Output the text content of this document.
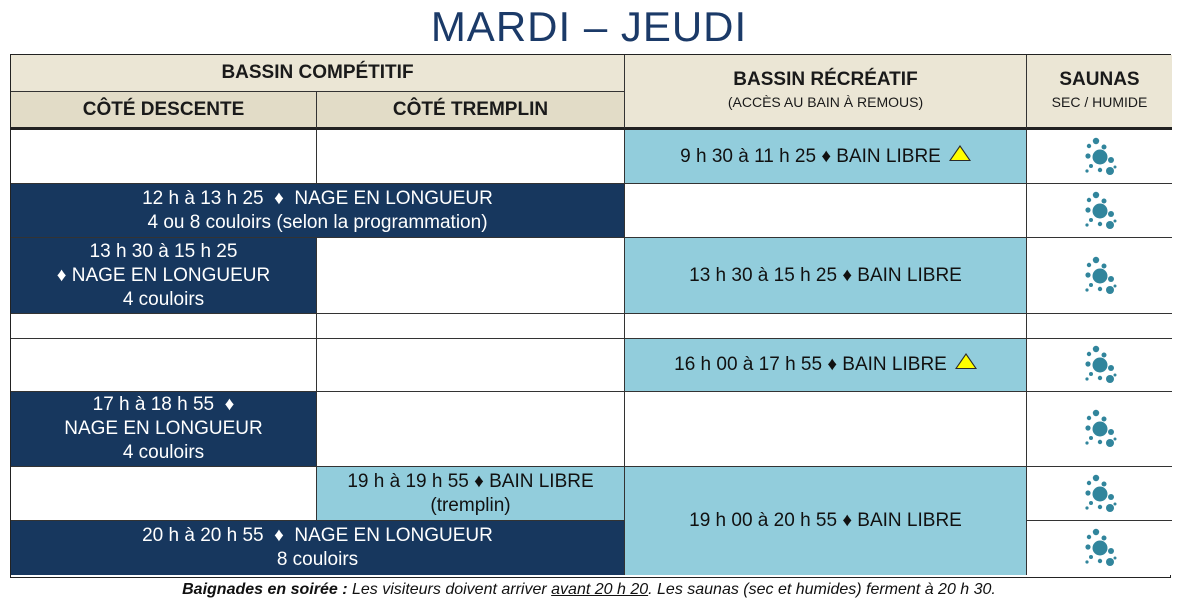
MARDI – JEUDI
BASSIN COMPÉTITIF	BASSIN RÉCRÉATIF
(ACCÈS AU BAIN À REMOUS)
SAUNAS
SEC / HUMIDE
CÔTÉ DESCENTE	CÔTÉ TREMPLIN
9 h 30 à 11 h 25 ♦ BAIN LIBRE
12 h à 13 h 25  ♦  NAGE EN LONGUEUR
4 ou 8 couloirs (selon la programmation)
13 h 30 à 15 h 25
♦ NAGE EN LONGUEUR
4 couloirs
13 h 30 à 15 h 25 ♦ BAIN LIBRE
16 h 00 à 17 h 55 ♦ BAIN LIBRE
17 h à 18 h 55  ♦
NAGE EN LONGUEUR
4 couloirs
19 h à 19 h 55 ♦ BAIN LIBRE
(tremplin)
19 h 00 à 20 h 55 ♦ BAIN LIBRE
20 h à 20 h 55  ♦  NAGE EN LONGUEUR
8 couloirs
Baignades en soirée : Les visiteurs doivent arriver avant 20 h 20. Les saunas (sec et humides) ferment à 20 h 30.
